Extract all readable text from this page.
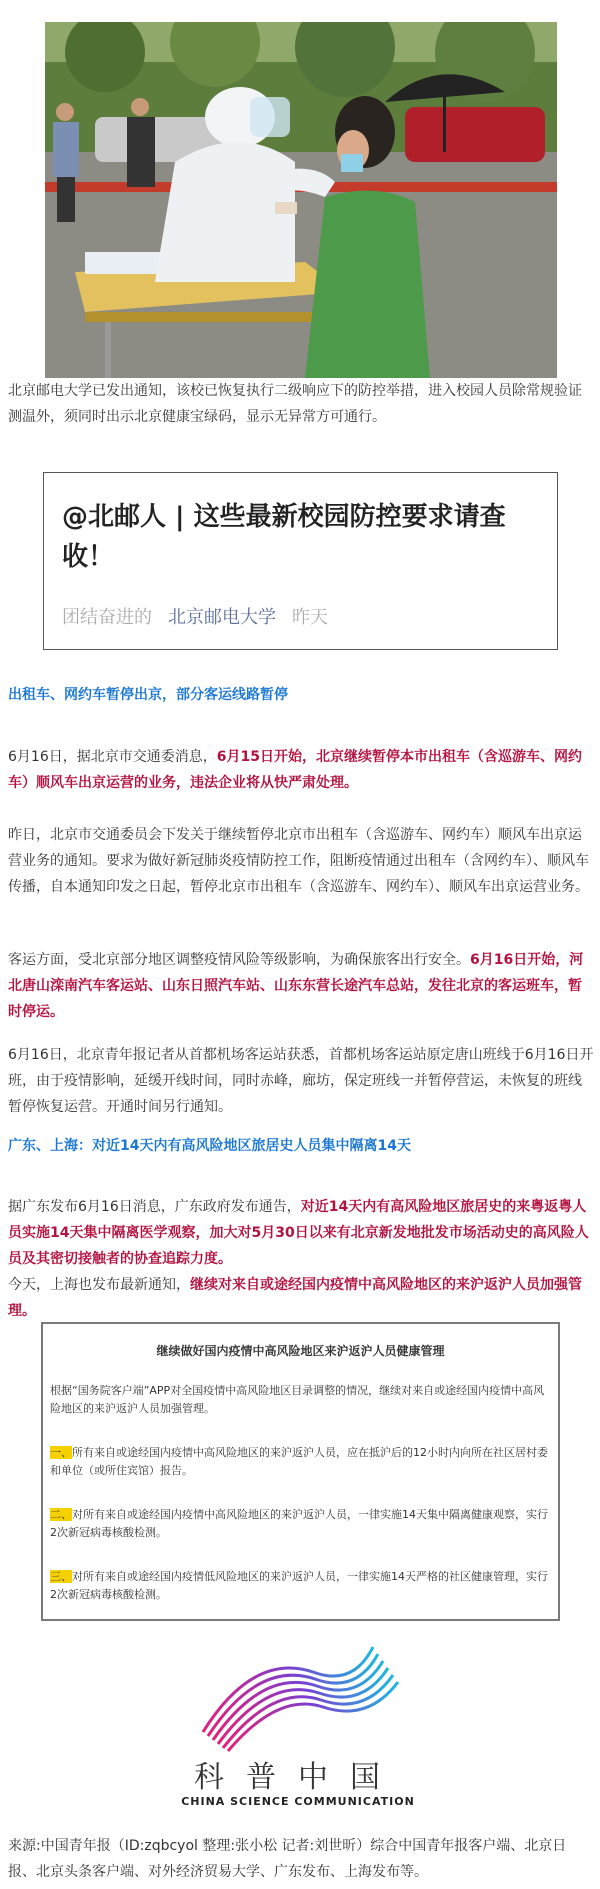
北京邮电大学已发出通知，该校已恢复执行二级响应下的防控举措，进入校园人员除常规验证测温外，须同时出示北京健康宝绿码，显示无异常方可通行。

@北邮人 | 这些最新校园防控要求请查收！
团结奋进的 北京邮电大学 昨天

出租车、网约车暂停出京，部分客运线路暂停

6月16日，据北京市交通委消息，6月15日开始，北京继续暂停本市出租车（含巡游车、网约车）顺风车出京运营的业务，违法企业将从快严肃处理。

昨日，北京市交通委员会下发关于继续暂停北京市出租车（含巡游车、网约车）顺风车出京运营业务的通知。要求为做好新冠肺炎疫情防控工作，阻断疫情通过出租车（含网约车）、顺风车传播，自本通知印发之日起，暂停北京市出租车（含巡游车、网约车）、顺风车出京运营业务。

客运方面，受北京部分地区调整疫情风险等级影响，为确保旅客出行安全。6月16日开始，河北唐山滦南汽车客运站、山东日照汽车站、山东东营长途汽车总站，发往北京的客运班车，暂时停运。

6月16日，北京青年报记者从首都机场客运站获悉，首都机场客运站原定唐山班线于6月16日开班，由于疫情影响，延缓开线时间，同时赤峰，廊坊，保定班线一并暂停营运，未恢复的班线暂停恢复运营。开通时间另行通知。

广东、上海：对近14天内有高风险地区旅居史人员集中隔离14天

据广东发布6月16日消息，广东政府发布通告，对近14天内有高风险地区旅居史的来粤返粤人员实施14天集中隔离医学观察，加大对5月30日以来有北京新发地批发市场活动史的高风险人员及其密切接触者的协查追踪力度。

今天，上海也发布最新通知，继续对来自或途经国内疫情中高风险地区的来沪返沪人员加强管理。

继续做好国内疫情中高风险地区来沪返沪人员健康管理

根据“国务院客户端”APP对全国疫情中高风险地区目录调整的情况，继续对来自或途经国内疫情中高风险地区的来沪返沪人员加强管理。

一、所有来自或途经国内疫情中高风险地区的来沪返沪人员，应在抵沪后的12小时内向所在社区居村委和单位（或所住宾馆）报告。

二、对所有来自或途经国内疫情中高风险地区的来沪返沪人员，一律实施14天集中隔离健康观察，实行2次新冠病毒核酸检测。

三、对所有来自或途经国内疫情低风险地区的来沪返沪人员，一律实施14天严格的社区健康管理，实行2次新冠病毒核酸检测。

科普中国
CHINA SCIENCE COMMUNICATION

来源:中国青年报（ID:zqbcyol 整理:张小松 记者:刘世昕）综合中国青年报客户端、北京日报、北京头条客户端、对外经济贸易大学、广东发布、上海发布等。
